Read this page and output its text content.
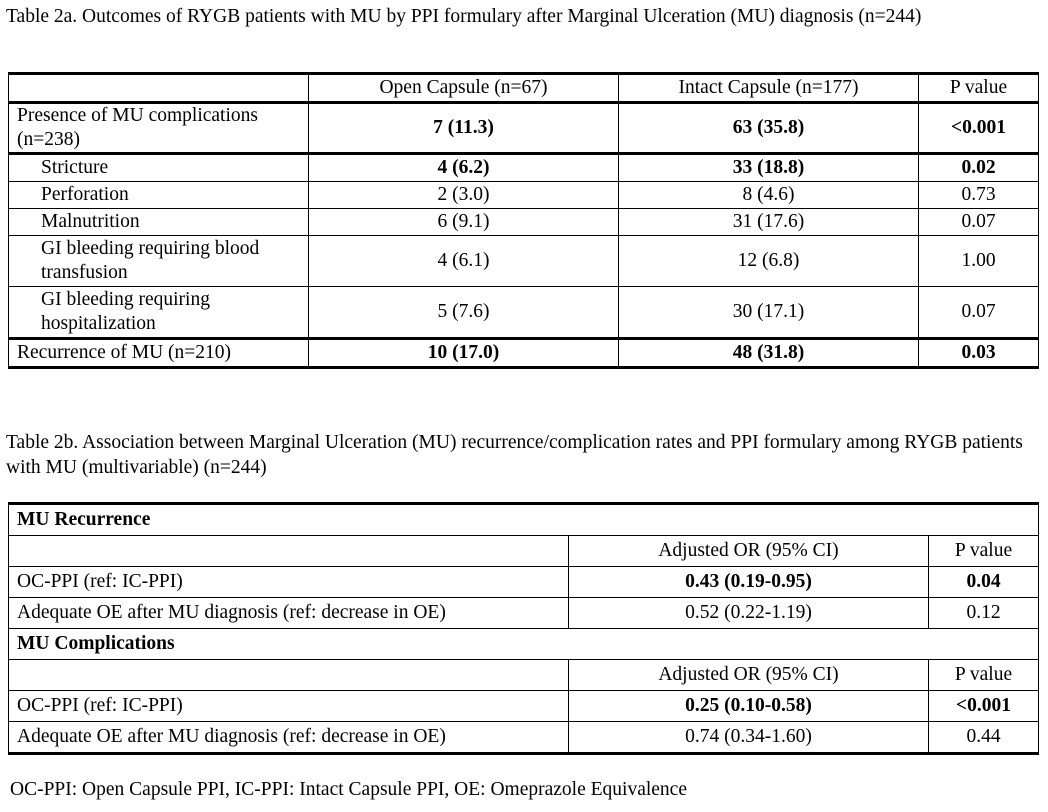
Table 2a. Outcomes of RYGB patients with MU by PPI formulary after Marginal Ulceration (MU) diagnosis (n=244)
	Open Capsule (n=67)	Intact Capsule (n=177)	P value
Presence of MU complications (n=238)	7 (11.3)	63 (35.8)	<0.001
Stricture	4 (6.2)	33 (18.8)	0.02
Perforation	2 (3.0)	8 (4.6)	0.73
Malnutrition	6 (9.1)	31 (17.6)	0.07
GI bleeding requiring blood transfusion	4 (6.1)	12 (6.8)	1.00
GI bleeding requiring hospitalization	5 (7.6)	30 (17.1)	0.07
Recurrence of MU (n=210)	10 (17.0)	48 (31.8)	0.03
Table 2b. Association between Marginal Ulceration (MU) recurrence/complication rates and PPI formulary among RYGB patients with MU (multivariable) (n=244)
MU Recurrence		
	Adjusted OR (95% CI)	P value
OC-PPI (ref: IC-PPI)	0.43 (0.19-0.95)	0.04
Adequate OE after MU diagnosis (ref: decrease in OE)	0.52 (0.22-1.19)	0.12
MU Complications		
	Adjusted OR (95% CI)	P value
OC-PPI (ref: IC-PPI)	0.25 (0.10-0.58)	<0.001
Adequate OE after MU diagnosis (ref: decrease in OE)	0.74 (0.34-1.60)	0.44
OC-PPI: Open Capsule PPI, IC-PPI: Intact Capsule PPI, OE: Omeprazole Equivalence
